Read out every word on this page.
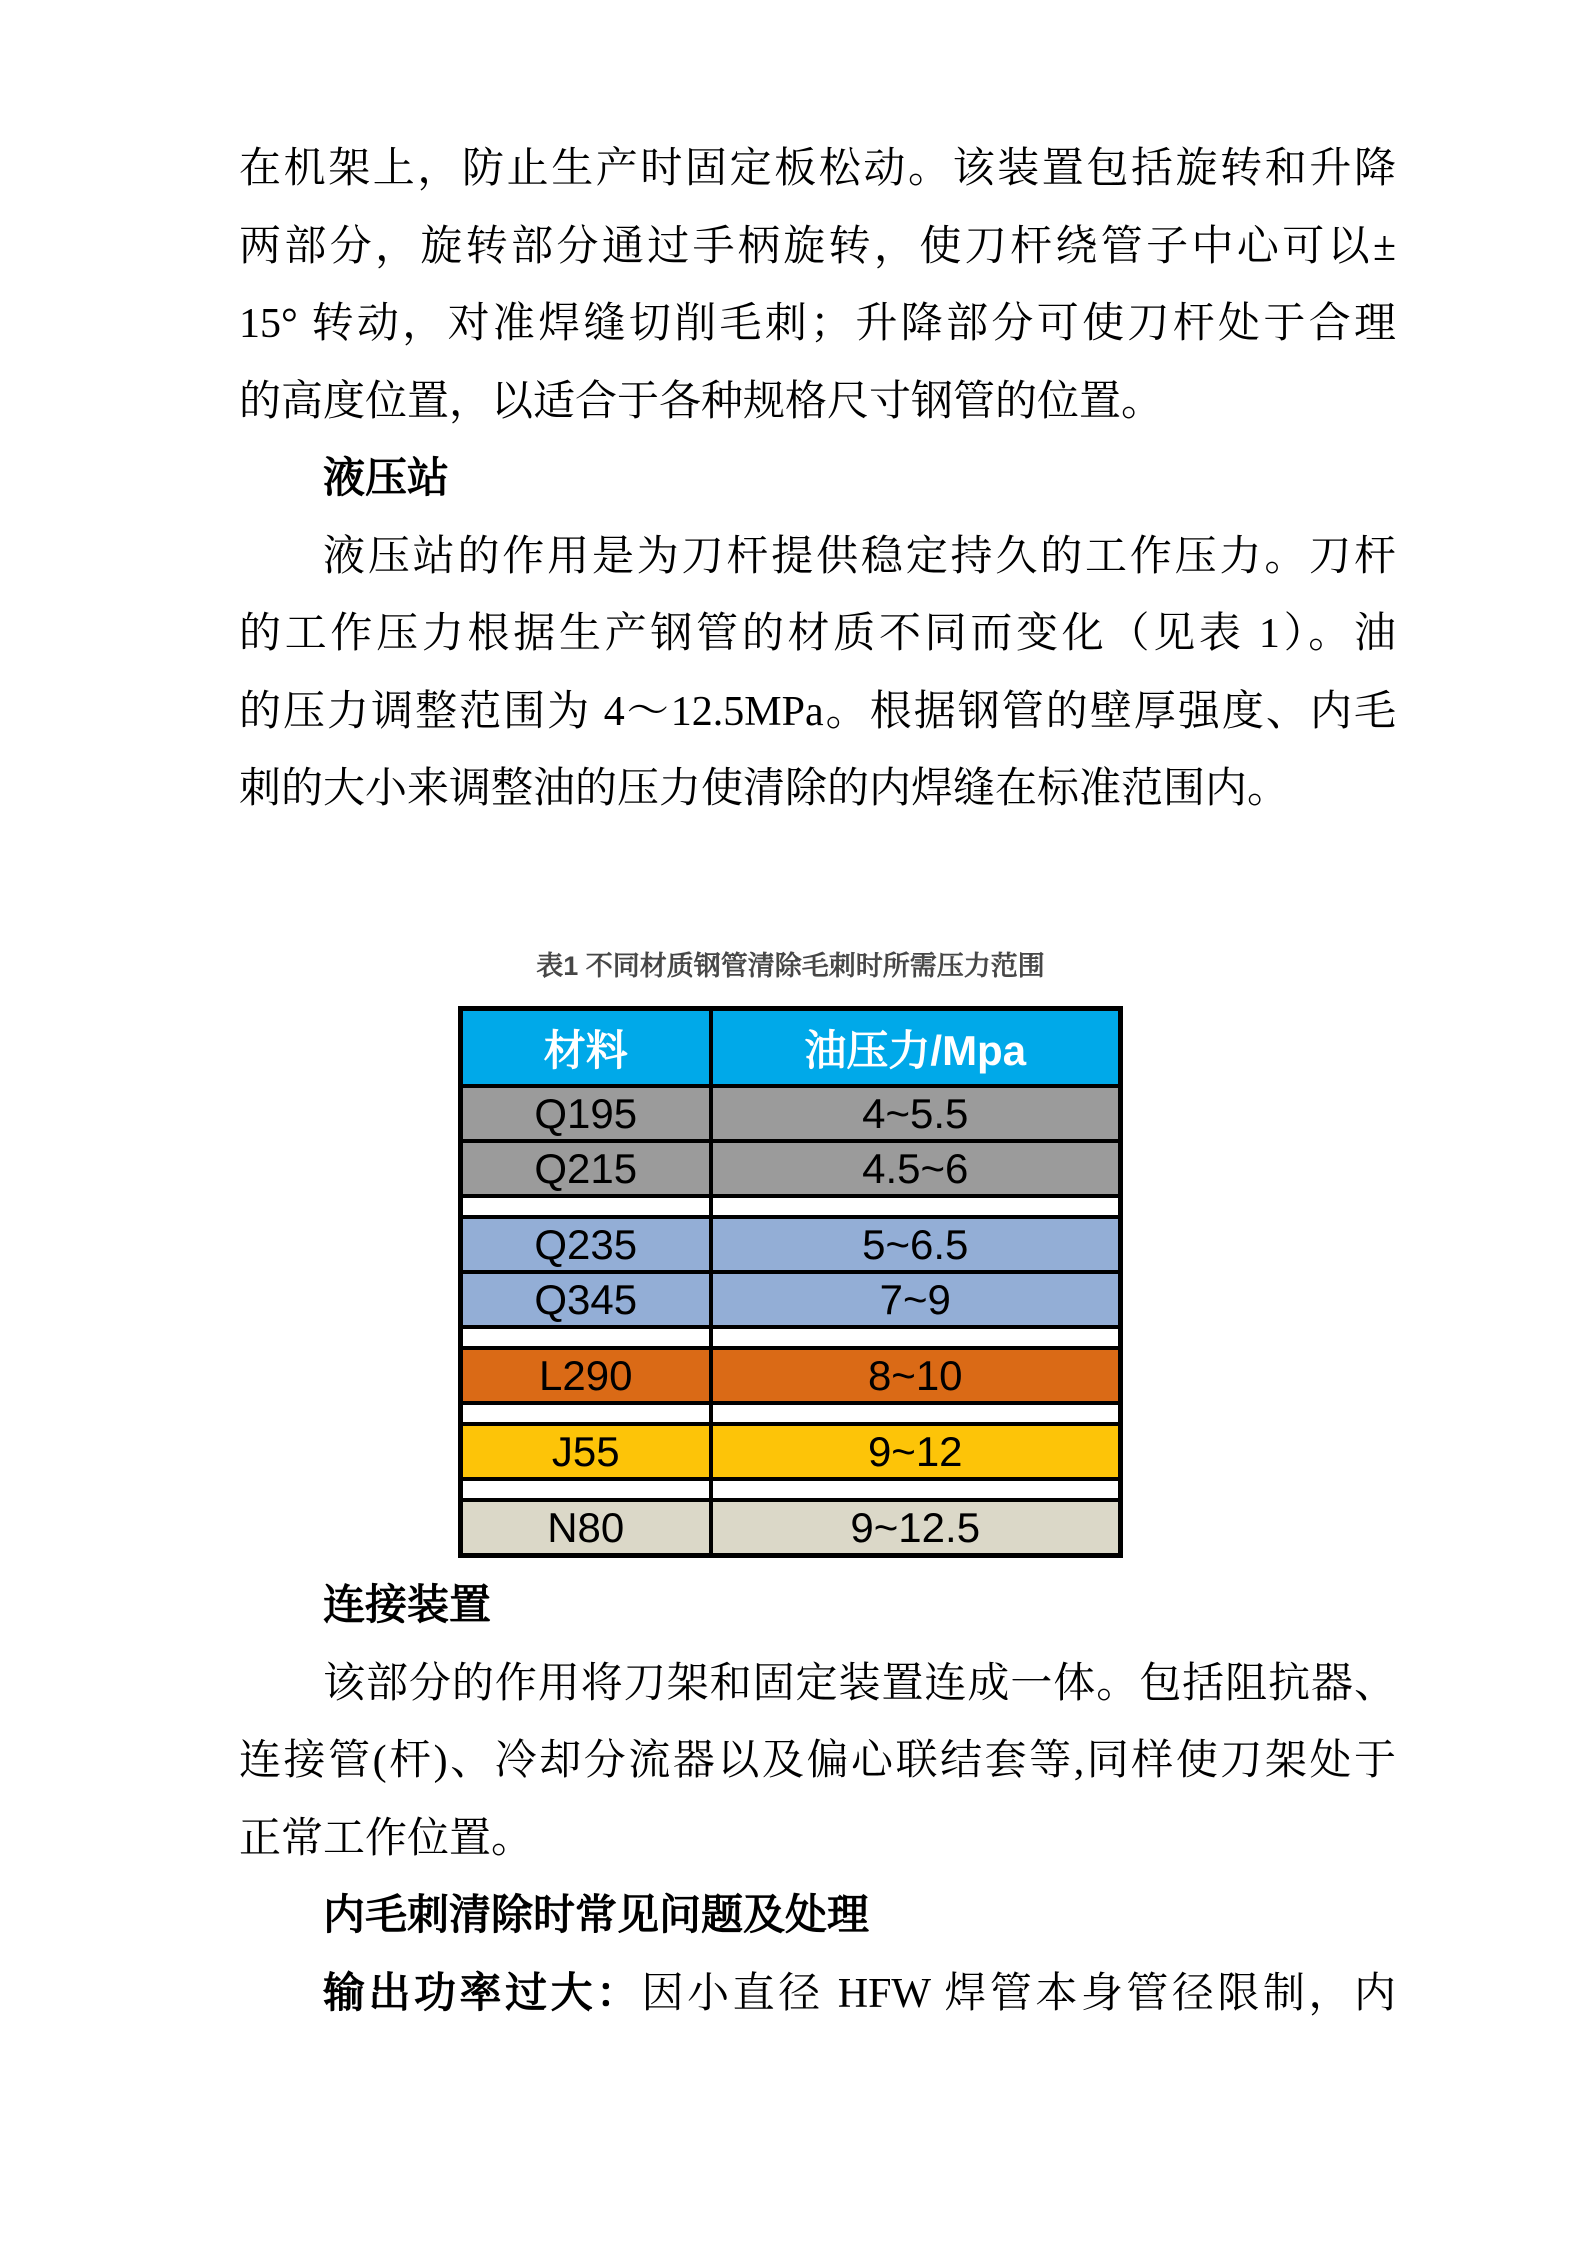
在机架上，防止生产时固定板松动。该装置包括旋转和升降
两部分，旋转部分通过手柄旋转，使刀杆绕管子中心可以±
15° 转动，对准焊缝切削毛刺；升降部分可使刀杆处于合理
的高度位置，以适合于各种规格尺寸钢管的位置。
液压站
液压站的作用是为刀杆提供稳定持久的工作压力。刀杆
的工作压力根据生产钢管的材质不同而变化（见表 1）。油
的压力调整范围为 4～12.5MPa。根据钢管的壁厚强度、内毛
刺的大小来调整油的压力使清除的内焊缝在标准范围内。
表1 不同材质钢管清除毛刺时所需压力范围
材料	油压力/Mpa
Q195	4~5.5
Q215	4.5~6

Q235	5~6.5
Q345	7~9

L290	8~10

J55	9~12

N80	9~12.5
连接装置
该部分的作用将刀架和固定装置连成一体。包括阻抗器、
连接管(杆)、冷却分流器以及偏心联结套等,同样使刀架处于
正常工作位置。
内毛刺清除时常见问题及处理
输出功率过大：因小直径 HFW 焊管本身管径限制，内
